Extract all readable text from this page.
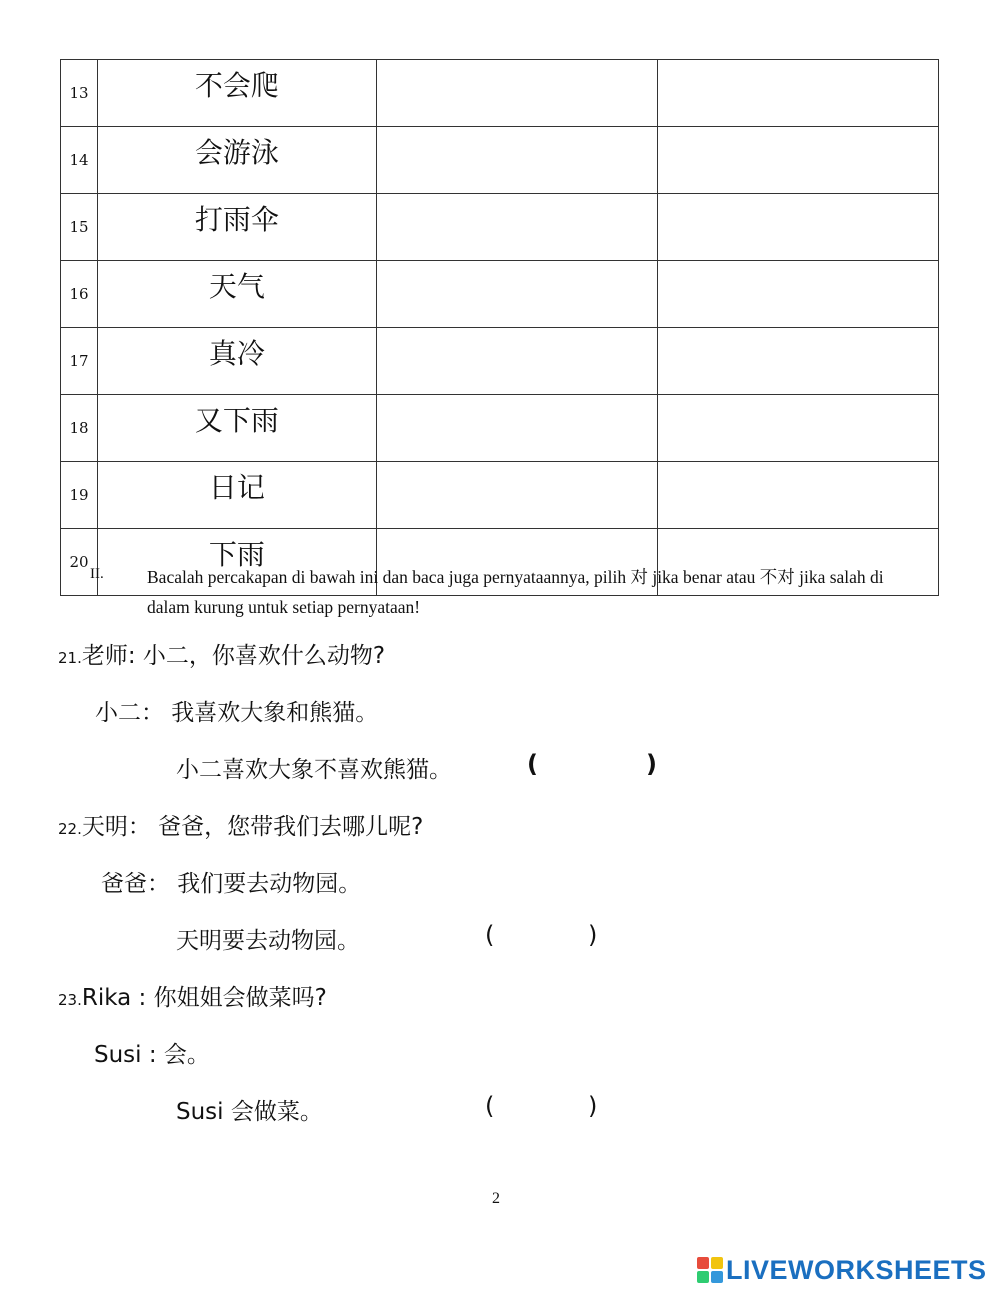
13	不会爬		
14	会游泳		
15	打雨伞		
16	天气		
17	真冷		
18	又下雨		
19	日记		
20	下雨		
II. Bacalah percakapan di bawah ini dan baca juga pernyataannya, pilih 对 jika benar atau 不对 jika salah di dalam kurung untuk setiap pernyataan!
21.老师: 小二，你喜欢什么动物?
小二： 我喜欢大象和熊猫。
小二喜欢大象不喜欢熊猫。	(	)
22.天明： 爸爸，您带我们去哪儿呢?
爸爸： 我们要去动物园。
天明要去动物园。	(	)
23.Rika : 你姐姐会做菜吗?
Susi : 会。
Susi 会做菜。	(	)
2
LIVEWORKSHEETS
